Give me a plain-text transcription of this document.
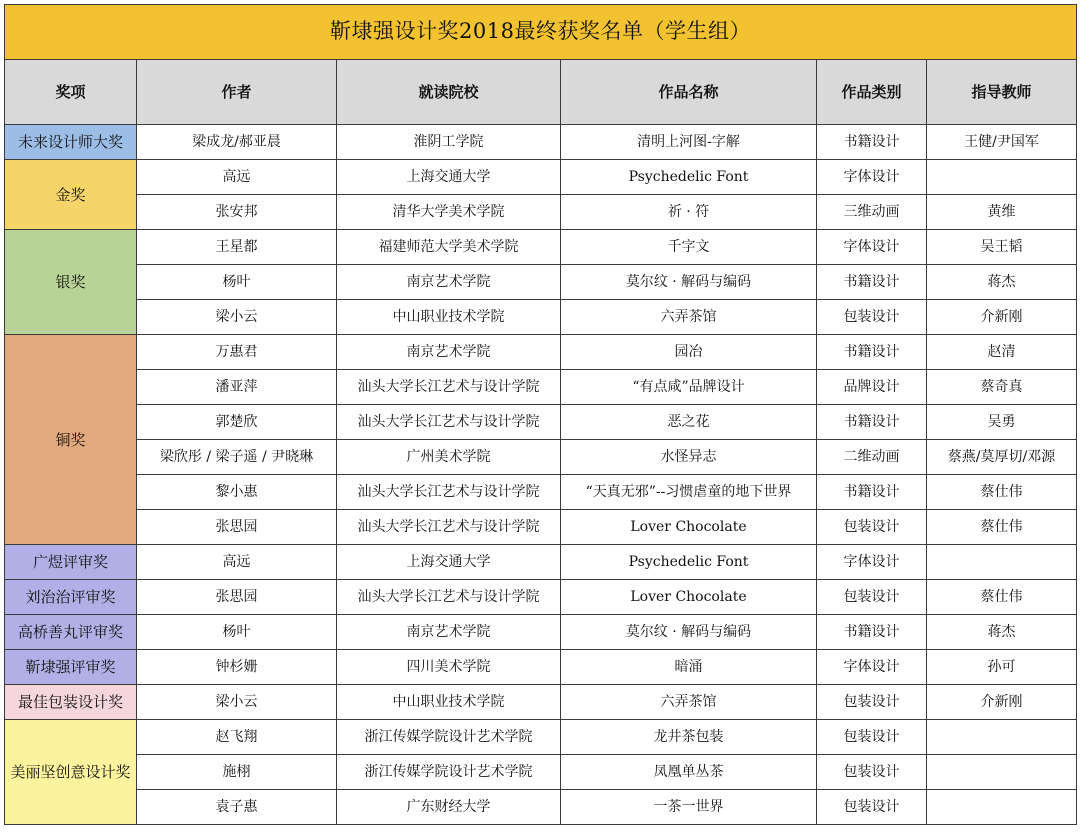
靳埭强设计奖2018最终获奖名单（学生组）					
奖项	作者	就读院校	作品名称	作品类别	指导教师
未来设计师大奖	梁成龙/郝亚晨	淮阴工学院	清明上河图-字解	书籍设计	王健/尹国军
金奖	高远	上海交通大学	Psychedelic Font	字体设计	
	张安邦	清华大学美术学院	祈 · 符	三维动画	黄维
银奖	王星都	福建师范大学美术学院	千字文	字体设计	吴王韬
	杨叶	南京艺术学院	莫尔纹 · 解码与编码	书籍设计	蒋杰
	梁小云	中山职业技术学院	六弄茶馆	包装设计	介新刚
铜奖	万惠君	南京艺术学院	园冶	书籍设计	赵清
	潘亚萍	汕头大学长江艺术与设计学院	“有点咸”品牌设计	品牌设计	蔡奇真
	郭楚欣	汕头大学长江艺术与设计学院	恶之花	书籍设计	吴勇
	梁欣彤 / 梁子遥 / 尹晓琳	广州美术学院	水怪异志	二维动画	蔡燕/莫厚切/邓源
	黎小惠	汕头大学长江艺术与设计学院	“天真无邪”--习惯虐童的地下世界	书籍设计	蔡仕伟
	张思园	汕头大学长江艺术与设计学院	Lover Chocolate	包装设计	蔡仕伟
广煜评审奖	高远	上海交通大学	Psychedelic Font	字体设计	
刘治治评审奖	张思园	汕头大学长江艺术与设计学院	Lover Chocolate	包装设计	蔡仕伟
高桥善丸评审奖	杨叶	南京艺术学院	莫尔纹 · 解码与编码	书籍设计	蒋杰
靳埭强评审奖	钟杉姗	四川美术学院	暗涌	字体设计	孙可
最佳包装设计奖	梁小云	中山职业技术学院	六弄茶馆	包装设计	介新刚
美丽坚创意设计奖	赵飞翔	浙江传媒学院设计艺术学院	龙井茶包装	包装设计	
	施栩	浙江传媒学院设计艺术学院	凤凰单丛茶	包装设计	
	袁子惠	广东财经大学	一茶一世界	包装设计	
